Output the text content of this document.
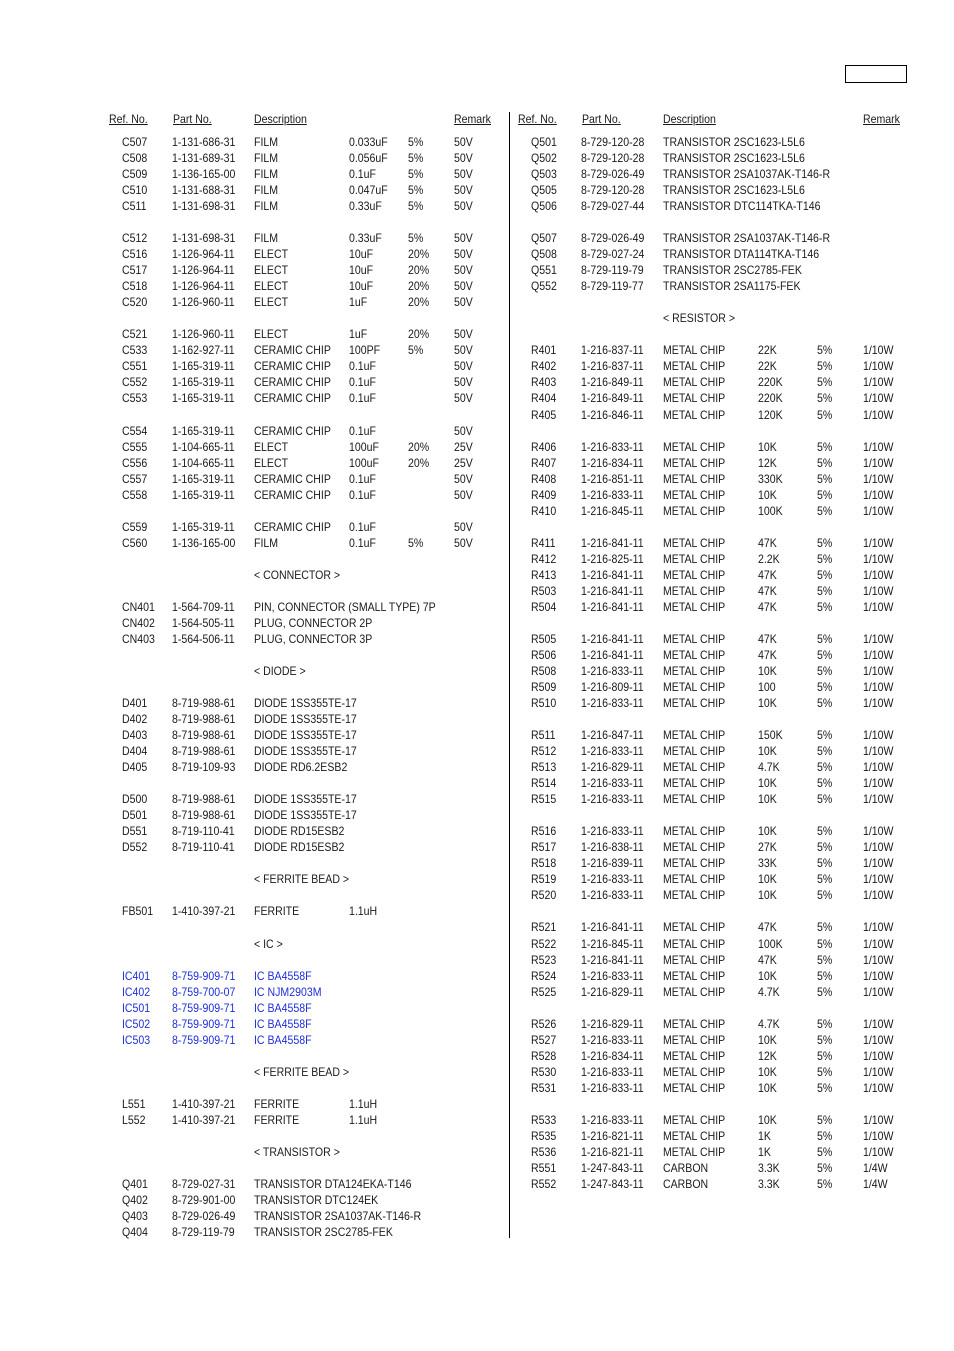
Ref. No. Part No.	Description	Remark Ref. No. Part No.	Description	Remark
C507 1-131-686-31 FILM	0.033uF 5%	50V
C508 1-131-689-31 FILM	0.056uF 5%	50V
C509 1-136-165-00 FILM	0.1uF	5%	50V
C510 1-131-688-31 FILM	0.047uF 5%	50V
C511 1-131-698-31 FILM	0.33uF 5%	50V
C512 1-131-698-31 FILM	0.33uF 5%	50V
C516 1-126-964-11 ELECT	10uF	20% 50V
C517 1-126-964-11 ELECT	10uF	20% 50V
C518 1-126-964-11 ELECT	10uF	20% 50V
C520 1-126-960-11 ELECT	1uF	20% 50V
C521 1-126-960-11 ELECT	1uF	20% 50V
C533 1-162-927-11 CERAMIC CHIP 100PF 5%	50V
C551 1-165-319-11 CERAMIC CHIP 0.1uF	50V
C552 1-165-319-11 CERAMIC CHIP 0.1uF	50V
C553 1-165-319-11 CERAMIC CHIP 0.1uF	50V
C554 1-165-319-11 CERAMIC CHIP 0.1uF	50V
C555 1-104-665-11 ELECT	100uF 20% 25V
C556 1-104-665-11 ELECT	100uF 20% 25V
C557 1-165-319-11 CERAMIC CHIP 0.1uF	50V
C558 1-165-319-11 CERAMIC CHIP 0.1uF	50V
C559 1-165-319-11 CERAMIC CHIP 0.1uF	50V
C560 1-136-165-00 FILM	0.1uF	5%	50V
< CONNECTOR >
CN401 1-564-709-11 PIN, CONNECTOR (SMALL TYPE) 7P
CN402 1-564-505-11 PLUG, CONNECTOR 2P
CN403 1-564-506-11 PLUG, CONNECTOR 3P
< DIODE >
D401 8-719-988-61 DIODE 1SS355TE-17
D402 8-719-988-61 DIODE 1SS355TE-17
D403 8-719-988-61 DIODE 1SS355TE-17
D404 8-719-988-61 DIODE 1SS355TE-17
D405 8-719-109-93 DIODE RD6.2ESB2
D500 8-719-988-61 DIODE 1SS355TE-17
D501 8-719-988-61 DIODE 1SS355TE-17
D551 8-719-110-41 DIODE RD15ESB2
D552 8-719-110-41 DIODE RD15ESB2
< FERRITE BEAD >
FB501 1-410-397-21 FERRITE	1.1uH
< IC >
IC401 8-759-909-71 IC BA4558F
IC402 8-759-700-07 IC NJM2903M
IC501 8-759-909-71 IC BA4558F
IC502 8-759-909-71 IC BA4558F
IC503 8-759-909-71 IC BA4558F
< FERRITE BEAD >
L551 1-410-397-21 FERRITE	1.1uH
L552 1-410-397-21 FERRITE	1.1uH
< TRANSISTOR >
Q401 8-729-027-31 TRANSISTOR DTA124EKA-T146
Q402 8-729-901-00 TRANSISTOR DTC124EK
Q403 8-729-026-49 TRANSISTOR 2SA1037AK-T146-R
Q404 8-729-119-79 TRANSISTOR 2SC2785-FEK
Q501 8-729-120-28 TRANSISTOR 2SC1623-L5L6
Q502 8-729-120-28 TRANSISTOR 2SC1623-L5L6
Q503 8-729-026-49 TRANSISTOR 2SA1037AK-T146-R
Q505 8-729-120-28 TRANSISTOR 2SC1623-L5L6
Q506 8-729-027-44 TRANSISTOR DTC114TKA-T146
Q507 8-729-026-49 TRANSISTOR 2SA1037AK-T146-R
Q508 8-729-027-24 TRANSISTOR DTA114TKA-T146
Q551 8-729-119-79 TRANSISTOR 2SC2785-FEK
Q552 8-729-119-77 TRANSISTOR 2SA1175-FEK
< RESISTOR >
R401 1-216-837-11 METAL CHIP	22K	5%	1/10W
R402 1-216-837-11 METAL CHIP	22K	5%	1/10W
R403 1-216-849-11 METAL CHIP	220K	5%	1/10W
R404 1-216-849-11 METAL CHIP	220K	5%	1/10W
R405 1-216-846-11 METAL CHIP	120K	5%	1/10W
R406 1-216-833-11 METAL CHIP	10K	5%	1/10W
R407 1-216-834-11 METAL CHIP	12K	5%	1/10W
R408 1-216-851-11 METAL CHIP	330K	5%	1/10W
R409 1-216-833-11 METAL CHIP	10K	5%	1/10W
R410 1-216-845-11 METAL CHIP	100K	5%	1/10W
R411 1-216-841-11 METAL CHIP	47K	5%	1/10W
R412 1-216-825-11 METAL CHIP	2.2K	5%	1/10W
R413 1-216-841-11 METAL CHIP	47K	5%	1/10W
R503 1-216-841-11 METAL CHIP	47K	5%	1/10W
R504 1-216-841-11 METAL CHIP	47K	5%	1/10W
R505 1-216-841-11 METAL CHIP	47K	5%	1/10W
R506 1-216-841-11 METAL CHIP	47K	5%	1/10W
R508 1-216-833-11 METAL CHIP	10K	5%	1/10W
R509 1-216-809-11 METAL CHIP	100	5%	1/10W
R510 1-216-833-11 METAL CHIP	10K	5%	1/10W
R511 1-216-847-11 METAL CHIP	150K	5%	1/10W
R512 1-216-833-11 METAL CHIP	10K	5%	1/10W
R513 1-216-829-11 METAL CHIP	4.7K	5%	1/10W
R514 1-216-833-11 METAL CHIP	10K	5%	1/10W
R515 1-216-833-11 METAL CHIP	10K	5%	1/10W
R516 1-216-833-11 METAL CHIP	10K	5%	1/10W
R517 1-216-838-11 METAL CHIP	27K	5%	1/10W
R518 1-216-839-11 METAL CHIP	33K	5%	1/10W
R519 1-216-833-11 METAL CHIP	10K	5%	1/10W
R520 1-216-833-11 METAL CHIP	10K	5%	1/10W
R521 1-216-841-11 METAL CHIP	47K	5%	1/10W
R522 1-216-845-11 METAL CHIP	100K	5%	1/10W
R523 1-216-841-11 METAL CHIP	47K	5%	1/10W
R524 1-216-833-11 METAL CHIP	10K	5%	1/10W
R525 1-216-829-11 METAL CHIP	4.7K	5%	1/10W
R526 1-216-829-11 METAL CHIP	4.7K	5%	1/10W
R527 1-216-833-11 METAL CHIP	10K	5%	1/10W
R528 1-216-834-11 METAL CHIP	12K	5%	1/10W
R530 1-216-833-11 METAL CHIP	10K	5%	1/10W
R531 1-216-833-11 METAL CHIP	10K	5%	1/10W
R533 1-216-833-11 METAL CHIP	10K	5%	1/10W
R535 1-216-821-11 METAL CHIP	1K	5%	1/10W
R536 1-216-821-11 METAL CHIP	1K	5%	1/10W
R551 1-247-843-11 CARBON	3.3K	5%	1/4W
R552 1-247-843-11 CARBON	3.3K	5%	1/4W
